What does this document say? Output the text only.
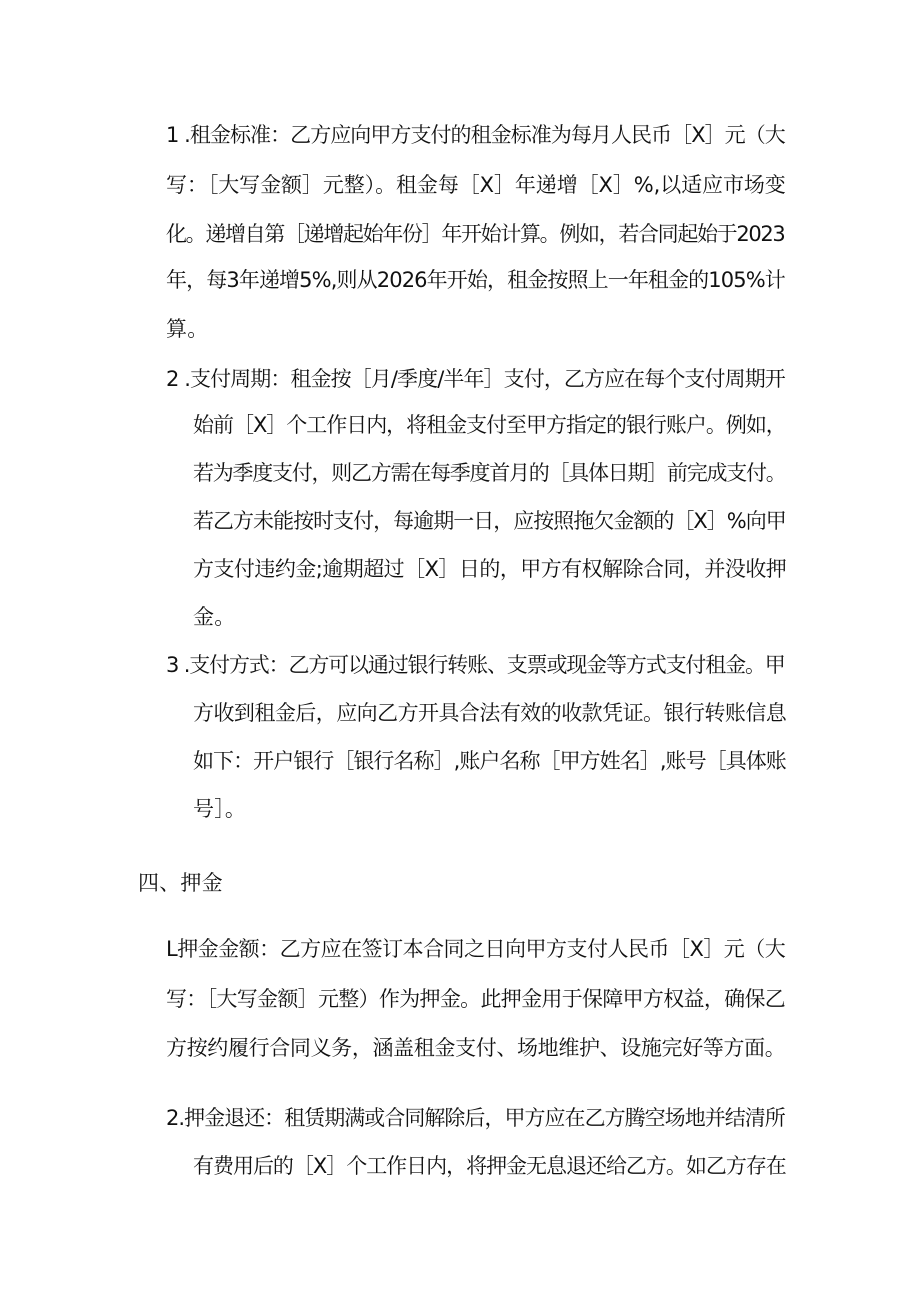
1 .租金标准：乙方应向甲方支付的租金标准为每月人民币［X］元（大

写：［大写金额］元整）。租金每［X］年递增［X］%,以适应市场变

化。递增自第［递增起始年份］年开始计算。例如，若合同起始于2023

年，每3年递增5%,则从2026年开始，租金按照上一年租金的105%计

算。

2 .支付周期：租金按［月/季度/半年］支付，乙方应在每个支付周期开

始前［X］个工作日内，将租金支付至甲方指定的银行账户。例如，

若为季度支付，则乙方需在每季度首月的［具体日期］前完成支付。

若乙方未能按时支付，每逾期一日，应按照拖欠金额的［X］%向甲

方支付违约金;逾期超过［X］日的，甲方有权解除合同，并没收押

金。

3 .支付方式：乙方可以通过银行转账、支票或现金等方式支付租金。甲

方收到租金后，应向乙方开具合法有效的收款凭证。银行转账信息

如下：开户银行［银行名称］,账户名称［甲方姓名］,账号［具体账

号］。

四、押金

L押金金额：乙方应在签订本合同之日向甲方支付人民币［X］元（大

写：［大写金额］元整）作为押金。此押金用于保障甲方权益，确保乙

方按约履行合同义务，涵盖租金支付、场地维护、设施完好等方面。

2.押金退还：租赁期满或合同解除后，甲方应在乙方腾空场地并结清所

有费用后的［X］个工作日内，将押金无息退还给乙方。如乙方存在
